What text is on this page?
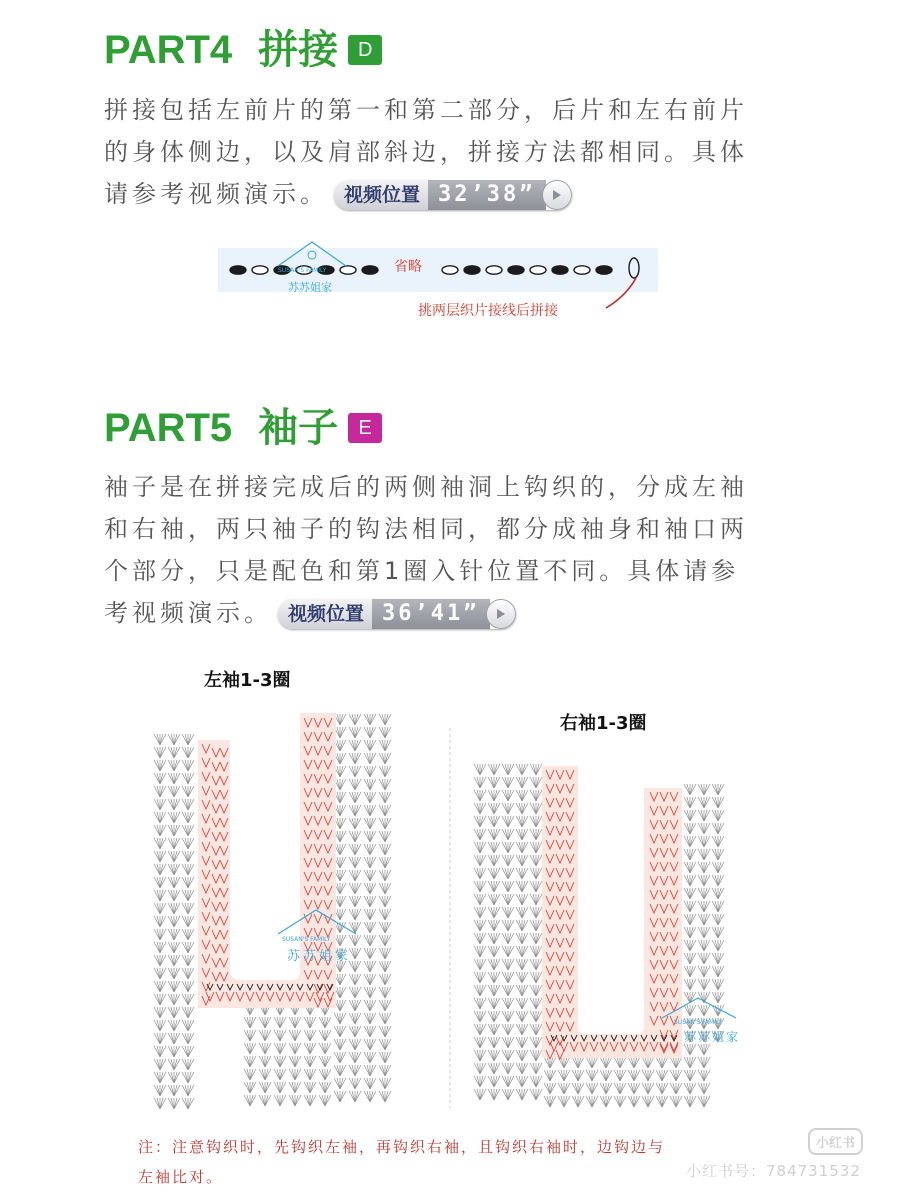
PART4 拼接 D
拼接包括左前片的第一和第二部分，后片和左右前片
的身体侧边，以及肩部斜边，拼接方法都相同。具体
请参考视频演示。 视频位置 32’38”
省略
苏苏姐家
SUSAN'S FAMILY
挑两层织片接线后拼接
PART5 袖子	E
袖子是在拼接完成后的两侧袖洞上钩织的，分成左袖
和右袖，两只袖子的钩法相同，都分成袖身和袖口两
个部分，只是配色和第1圈入针位置不同。具体请参
考视频演示。 视频位置 36’41”
左袖1-3圈
右袖1-3圈
苏苏姐家
SUSAN'S FAMILY
苏苏姐家
SUSAN'S FAMILY
注：注意钩织时，先钩织左袖，再钩织右袖，且钩织右袖时，边钩边与
左袖比对。
小红书
小红书号：784731532
